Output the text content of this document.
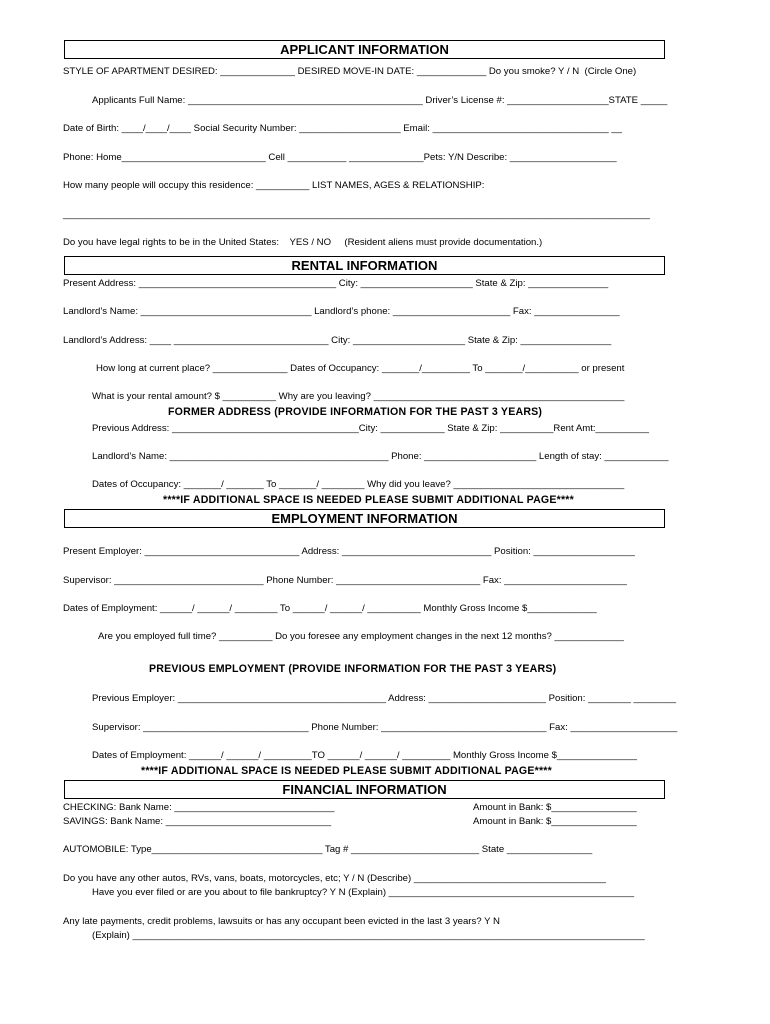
APPLICANT INFORMATION
STYLE OF APARTMENT DESIRED: ______________ DESIRED MOVE-IN DATE: _____________ Do you smoke? Y / N  (Circle One)
Applicants Full Name: ____________________________________________ Driver’s License #: ___________________STATE _____
Date of Birth: ____/____/____ Social Security Number: ___________________ Email: _________________________________ __
Phone: Home___________________________ Cell ___________ ______________Pets: Y/N Describe: ____________________
How many people will occupy this residence: __________ LIST NAMES, AGES & RELATIONSHIP:
______________________________________________________________________________________________________________
Do you have legal rights to be in the United States:    YES / NO     (Resident aliens must provide documentation.)
RENTAL INFORMATION
Present Address: _____________________________________ City: _____________________ State & Zip: _______________
Landlord’s Name: ________________________________ Landlord’s phone: ______________________ Fax: ________________
Landlord’s Address: ____ _____________________________ City: _____________________ State & Zip: _________________
How long at current place? ______________ Dates of Occupancy: _______/_________ To _______/__________ or present
What is your rental amount? $ __________ Why are you leaving? _______________________________________________
FORMER ADDRESS (PROVIDE INFORMATION FOR THE PAST 3 YEARS)
Previous Address: ___________________________________City: ____________ State & Zip: __________Rent Amt:__________
Landlord’s Name: _________________________________________ Phone: _____________________ Length of stay: ____________
Dates of Occupancy: _______/ _______ To _______/ ________ Why did you leave? ________________________________
****IF ADDITIONAL SPACE IS NEEDED PLEASE SUBMIT ADDITIONAL PAGE****
EMPLOYMENT INFORMATION
Present Employer: _____________________________ Address: ____________________________ Position: ___________________
Supervisor: ____________________________ Phone Number: ___________________________ Fax: _______________________
Dates of Employment: ______/ ______/ ________ To ______/ ______/ __________ Monthly Gross Income $_____________
Are you employed full time? __________ Do you foresee any employment changes in the next 12 months? _____________
PREVIOUS EMPLOYMENT (PROVIDE INFORMATION FOR THE PAST 3 YEARS)
Previous Employer: _______________________________________ Address: ______________________ Position: ________ ________
Supervisor: _______________________________ Phone Number: _______________________________ Fax: ____________________
Dates of Employment: ______/ ______/ _________TO ______/ ______/ _________ Monthly Gross Income $_______________
****IF ADDITIONAL SPACE IS NEEDED PLEASE SUBMIT ADDITIONAL PAGE****
FINANCIAL INFORMATION
CHECKING: Bank Name: ______________________________	Amount in Bank: $________________
SAVINGS: Bank Name: _______________________________	Amount in Bank: $________________
AUTOMOBILE: Type________________________________ Tag # ________________________ State ________________
Do you have any other autos, RVs, vans, boats, motorcycles, etc; Y / N (Describe) ____________________________________
Have you ever filed or are you about to file bankruptcy? Y N (Explain) ______________________________________________
Any late payments, credit problems, lawsuits or has any occupant been evicted in the last 3 years? Y N
(Explain) ________________________________________________________________________________________________
